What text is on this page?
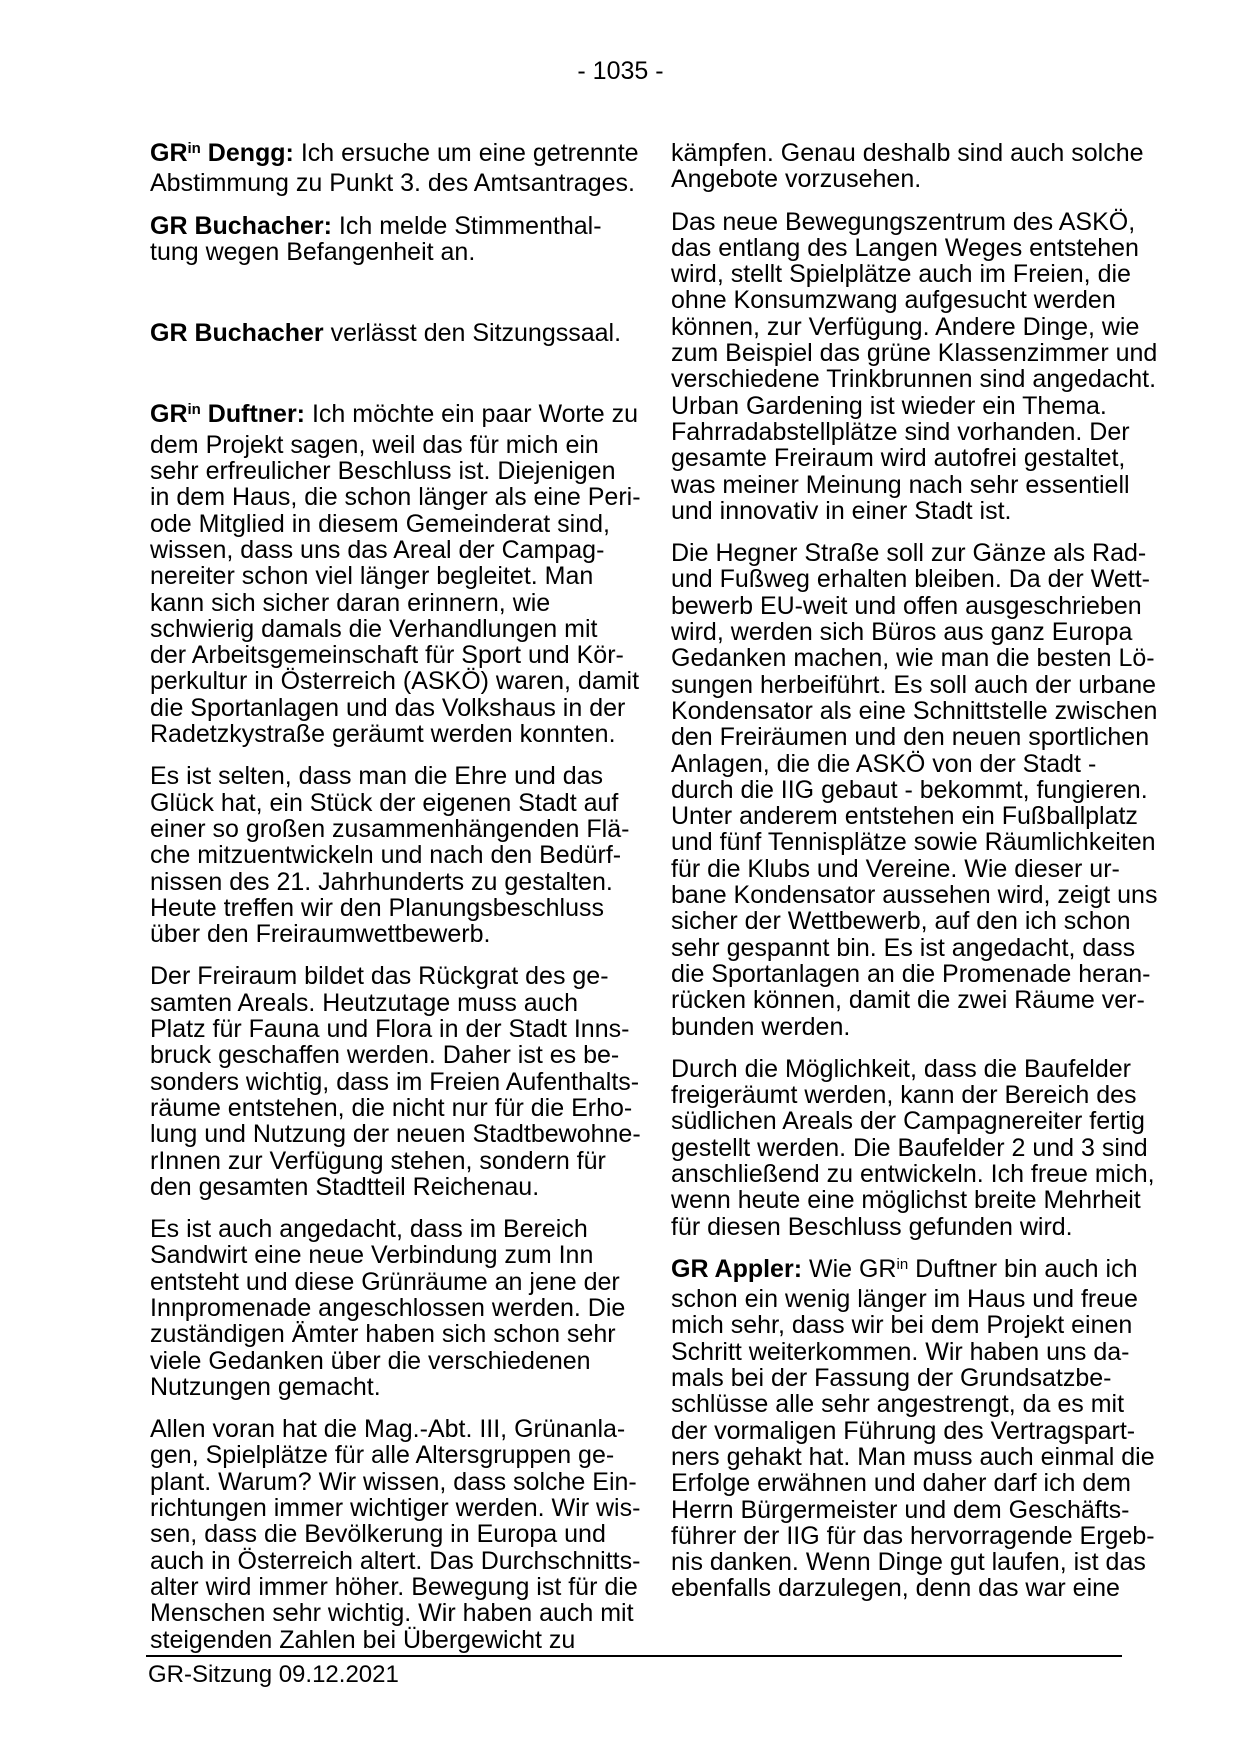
- 1035 -

$GR^{in}$ Dengg: Ich ersuche um eine getrennte
Abstimmung zu Punkt 3. des Amtsantrages.

GR Buchacher: Ich melde Stimmenthal-
tung wegen Befangenheit an.

GR Buchacher verlässt den Sitzungssaal.

$GR^{in}$ Duftner: Ich möchte ein paar Worte zu
dem Projekt sagen, weil das für mich ein
sehr erfreulicher Beschluss ist. Diejenigen
in dem Haus, die schon länger als eine Peri-
ode Mitglied in diesem Gemeinderat sind,
wissen, dass uns das Areal der Campag-
nereiter schon viel länger begleitet. Man
kann sich sicher daran erinnern, wie
schwierig damals die Verhandlungen mit
der Arbeitsgemeinschaft für Sport und Kör-
perkultur in Österreich (ASKÖ) waren, damit
die Sportanlagen und das Volkshaus in der
Radetzkystraße geräumt werden konnten.

Es ist selten, dass man die Ehre und das
Glück hat, ein Stück der eigenen Stadt auf
einer so großen zusammenhängenden Flä-
che mitzuentwickeln und nach den Bedürf-
nissen des 21. Jahrhunderts zu gestalten.
Heute treffen wir den Planungsbeschluss
über den Freiraumwettbewerb.

Der Freiraum bildet das Rückgrat des ge-
samten Areals. Heutzutage muss auch
Platz für Fauna und Flora in der Stadt Inns-
bruck geschaffen werden. Daher ist es be-
sonders wichtig, dass im Freien Aufenthalts-
räume entstehen, die nicht nur für die Erho-
lung und Nutzung der neuen Stadtbewohne-
rInnen zur Verfügung stehen, sondern für
den gesamten Stadtteil Reichenau.

Es ist auch angedacht, dass im Bereich
Sandwirt eine neue Verbindung zum Inn
entsteht und diese Grünräume an jene der
Innpromenade angeschlossen werden. Die
zuständigen Ämter haben sich schon sehr
viele Gedanken über die verschiedenen
Nutzungen gemacht.

Allen voran hat die Mag.-Abt. III, Grünanla-
gen, Spielplätze für alle Altersgruppen ge-
plant. Warum? Wir wissen, dass solche Ein-
richtungen immer wichtiger werden. Wir wis-
sen, dass die Bevölkerung in Europa und
auch in Österreich altert. Das Durchschnitts-
alter wird immer höher. Bewegung ist für die
Menschen sehr wichtig. Wir haben auch mit
steigenden Zahlen bei Übergewicht zu

kämpfen. Genau deshalb sind auch solche
Angebote vorzusehen.

Das neue Bewegungszentrum des ASKÖ,
das entlang des Langen Weges entstehen
wird, stellt Spielplätze auch im Freien, die
ohne Konsumzwang aufgesucht werden
können, zur Verfügung. Andere Dinge, wie
zum Beispiel das grüne Klassenzimmer und
verschiedene Trinkbrunnen sind angedacht.
Urban Gardening ist wieder ein Thema.
Fahrradabstellplätze sind vorhanden. Der
gesamte Freiraum wird autofrei gestaltet,
was meiner Meinung nach sehr essentiell
und innovativ in einer Stadt ist.

Die Hegner Straße soll zur Gänze als Rad-
und Fußweg erhalten bleiben. Da der Wett-
bewerb EU-weit und offen ausgeschrieben
wird, werden sich Büros aus ganz Europa
Gedanken machen, wie man die besten Lö-
sungen herbeiführt. Es soll auch der urbane
Kondensator als eine Schnittstelle zwischen
den Freiräumen und den neuen sportlichen
Anlagen, die die ASKÖ von der Stadt -
durch die IIG gebaut - bekommt, fungieren.
Unter anderem entstehen ein Fußballplatz
und fünf Tennisplätze sowie Räumlichkeiten
für die Klubs und Vereine. Wie dieser ur-
bane Kondensator aussehen wird, zeigt uns
sicher der Wettbewerb, auf den ich schon
sehr gespannt bin. Es ist angedacht, dass
die Sportanlagen an die Promenade heran-
rücken können, damit die zwei Räume ver-
bunden werden.

Durch die Möglichkeit, dass die Baufelder
freigeräumt werden, kann der Bereich des
südlichen Areals der Campagnereiter fertig
gestellt werden. Die Baufelder 2 und 3 sind
anschließend zu entwickeln. Ich freue mich,
wenn heute eine möglichst breite Mehrheit
für diesen Beschluss gefunden wird.

GR Appler: Wie $GR^{in}$ Duftner bin auch ich
schon ein wenig länger im Haus und freue
mich sehr, dass wir bei dem Projekt einen
Schritt weiterkommen. Wir haben uns da-
mals bei der Fassung der Grundsatzbe-
schlüsse alle sehr angestrengt, da es mit
der vormaligen Führung des Vertragspart-
ners gehakt hat. Man muss auch einmal die
Erfolge erwähnen und daher darf ich dem
Herrn Bürgermeister und dem Geschäfts-
führer der IIG für das hervorragende Ergeb-
nis danken. Wenn Dinge gut laufen, ist das
ebenfalls darzulegen, denn das war eine

GR-Sitzung 09.12.2021
